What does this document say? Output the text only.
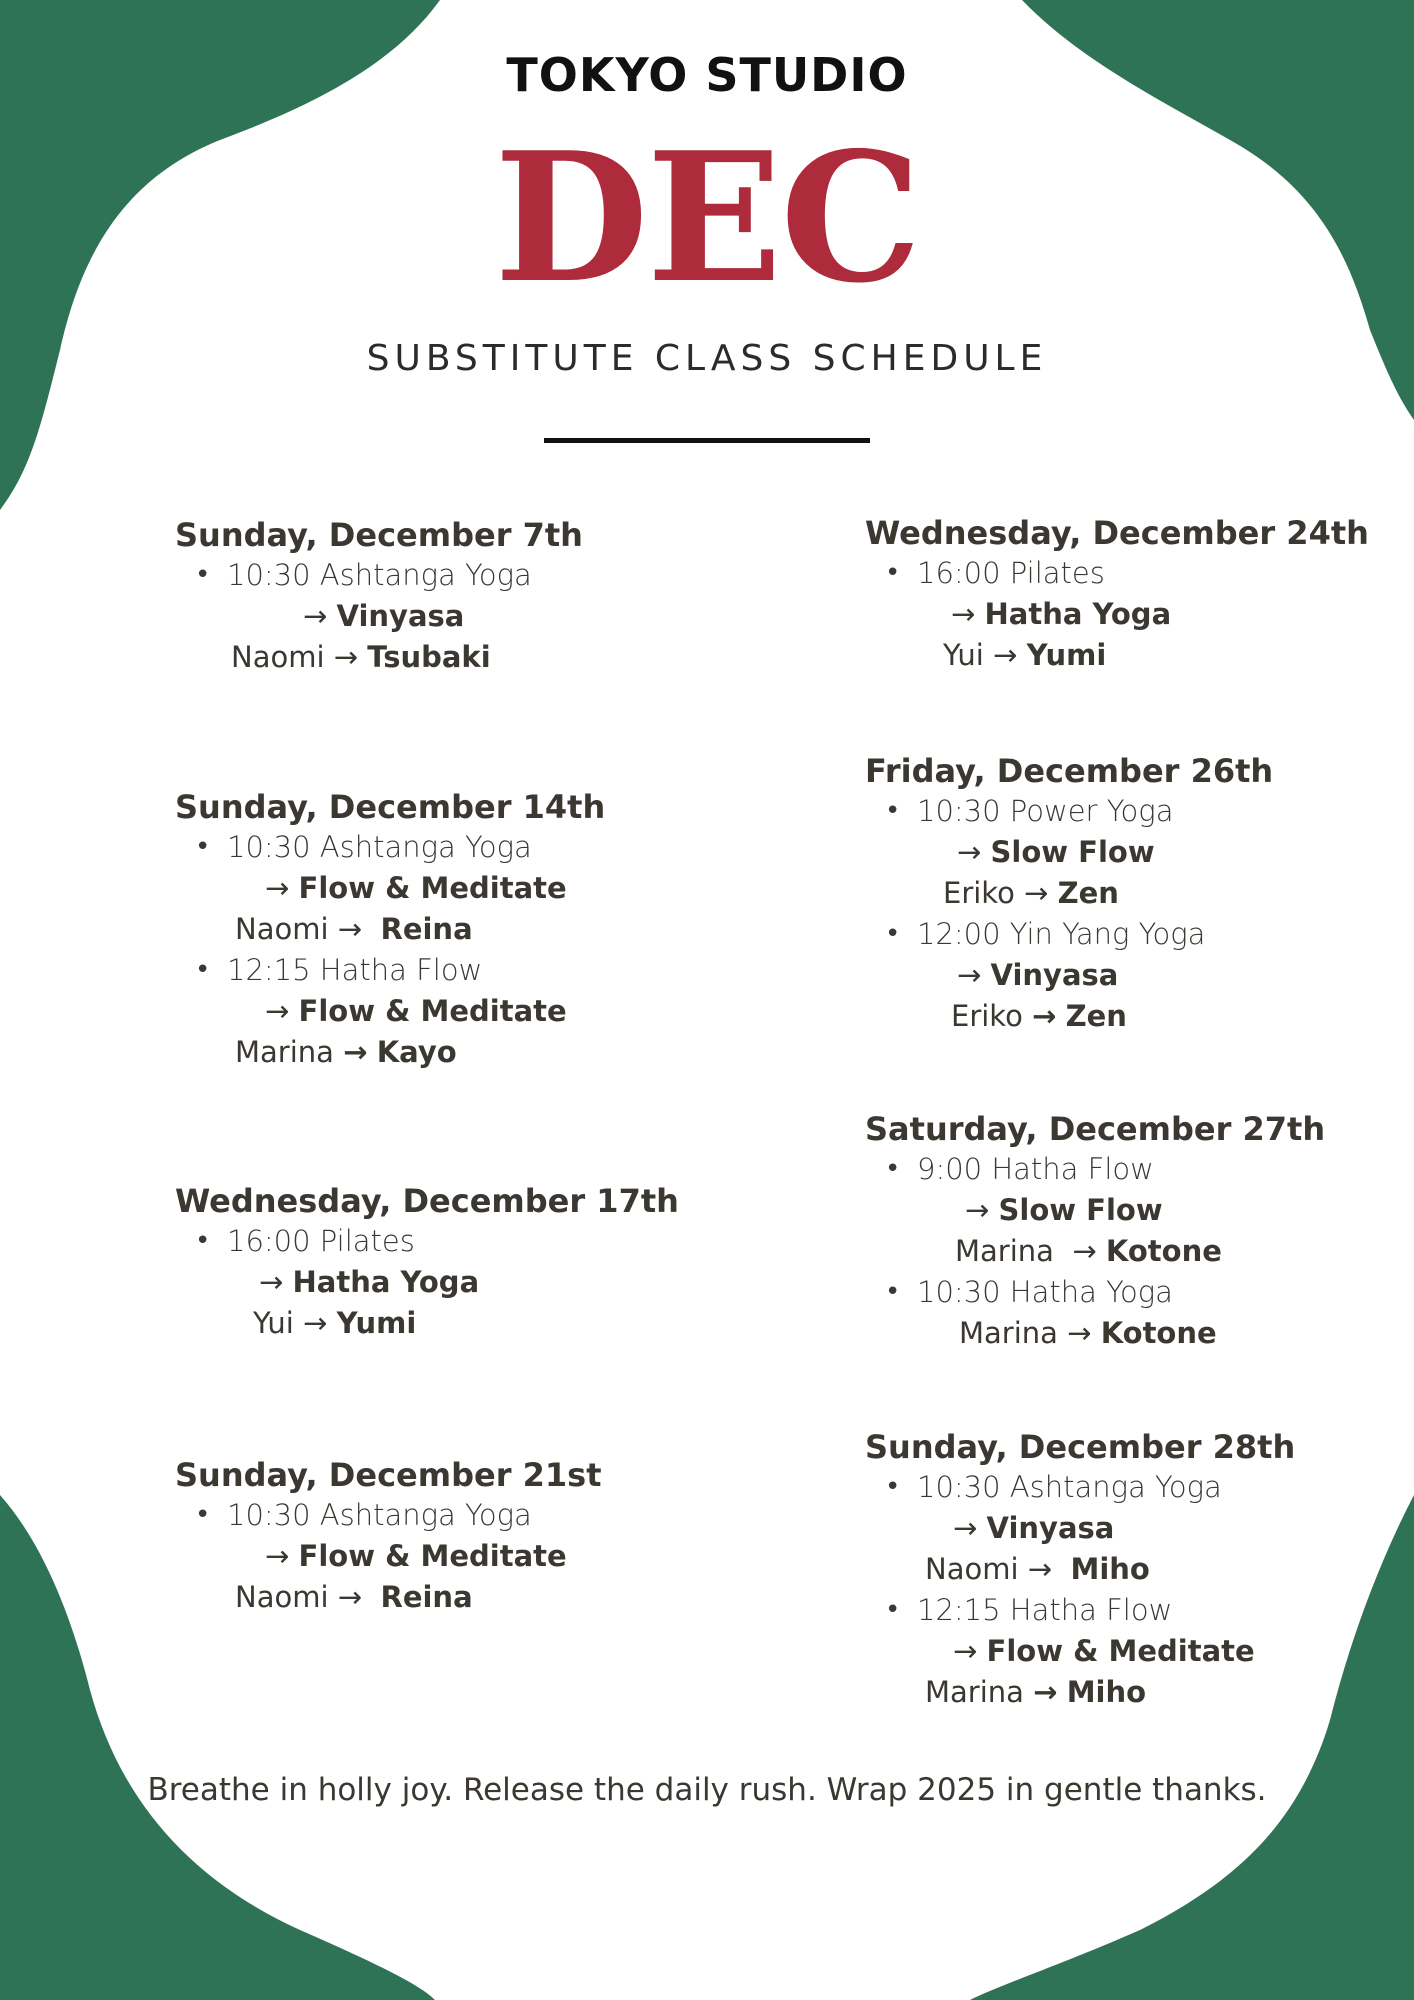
TOKYO STUDIO
DEC
SUBSTITUTE CLASS SCHEDULE
Sunday, December 7th
• 10:30 Ashtanga Yoga
→ Vinyasa
Naomi → Tsubaki
Sunday, December 14th
• 10:30 Ashtanga Yoga
→ Flow & Meditate
Naomi → Reina
• 12:15 Hatha Flow
→ Flow & Meditate
Marina → Kayo
Wednesday, December 17th
• 16:00 Pilates
→ Hatha Yoga
Yui → Yumi
Sunday, December 21st
• 10:30 Ashtanga Yoga
→ Flow & Meditate
Naomi → Reina
Wednesday, December 24th
• 16:00 Pilates
→ Hatha Yoga
Yui → Yumi
Friday, December 26th
• 10:30 Power Yoga
→ Slow Flow
Eriko → Zen
• 12:00 Yin Yang Yoga
→ Vinyasa
Eriko → Zen
Saturday, December 27th
• 9:00 Hatha Flow
→ Slow Flow
Marina → Kotone
• 10:30 Hatha Yoga
Marina → Kotone
Sunday, December 28th
• 10:30 Ashtanga Yoga
→ Vinyasa
Naomi → Miho
• 12:15 Hatha Flow
→ Flow & Meditate
Marina → Miho
Breathe in holly joy. Release the daily rush. Wrap 2025 in gentle thanks.
